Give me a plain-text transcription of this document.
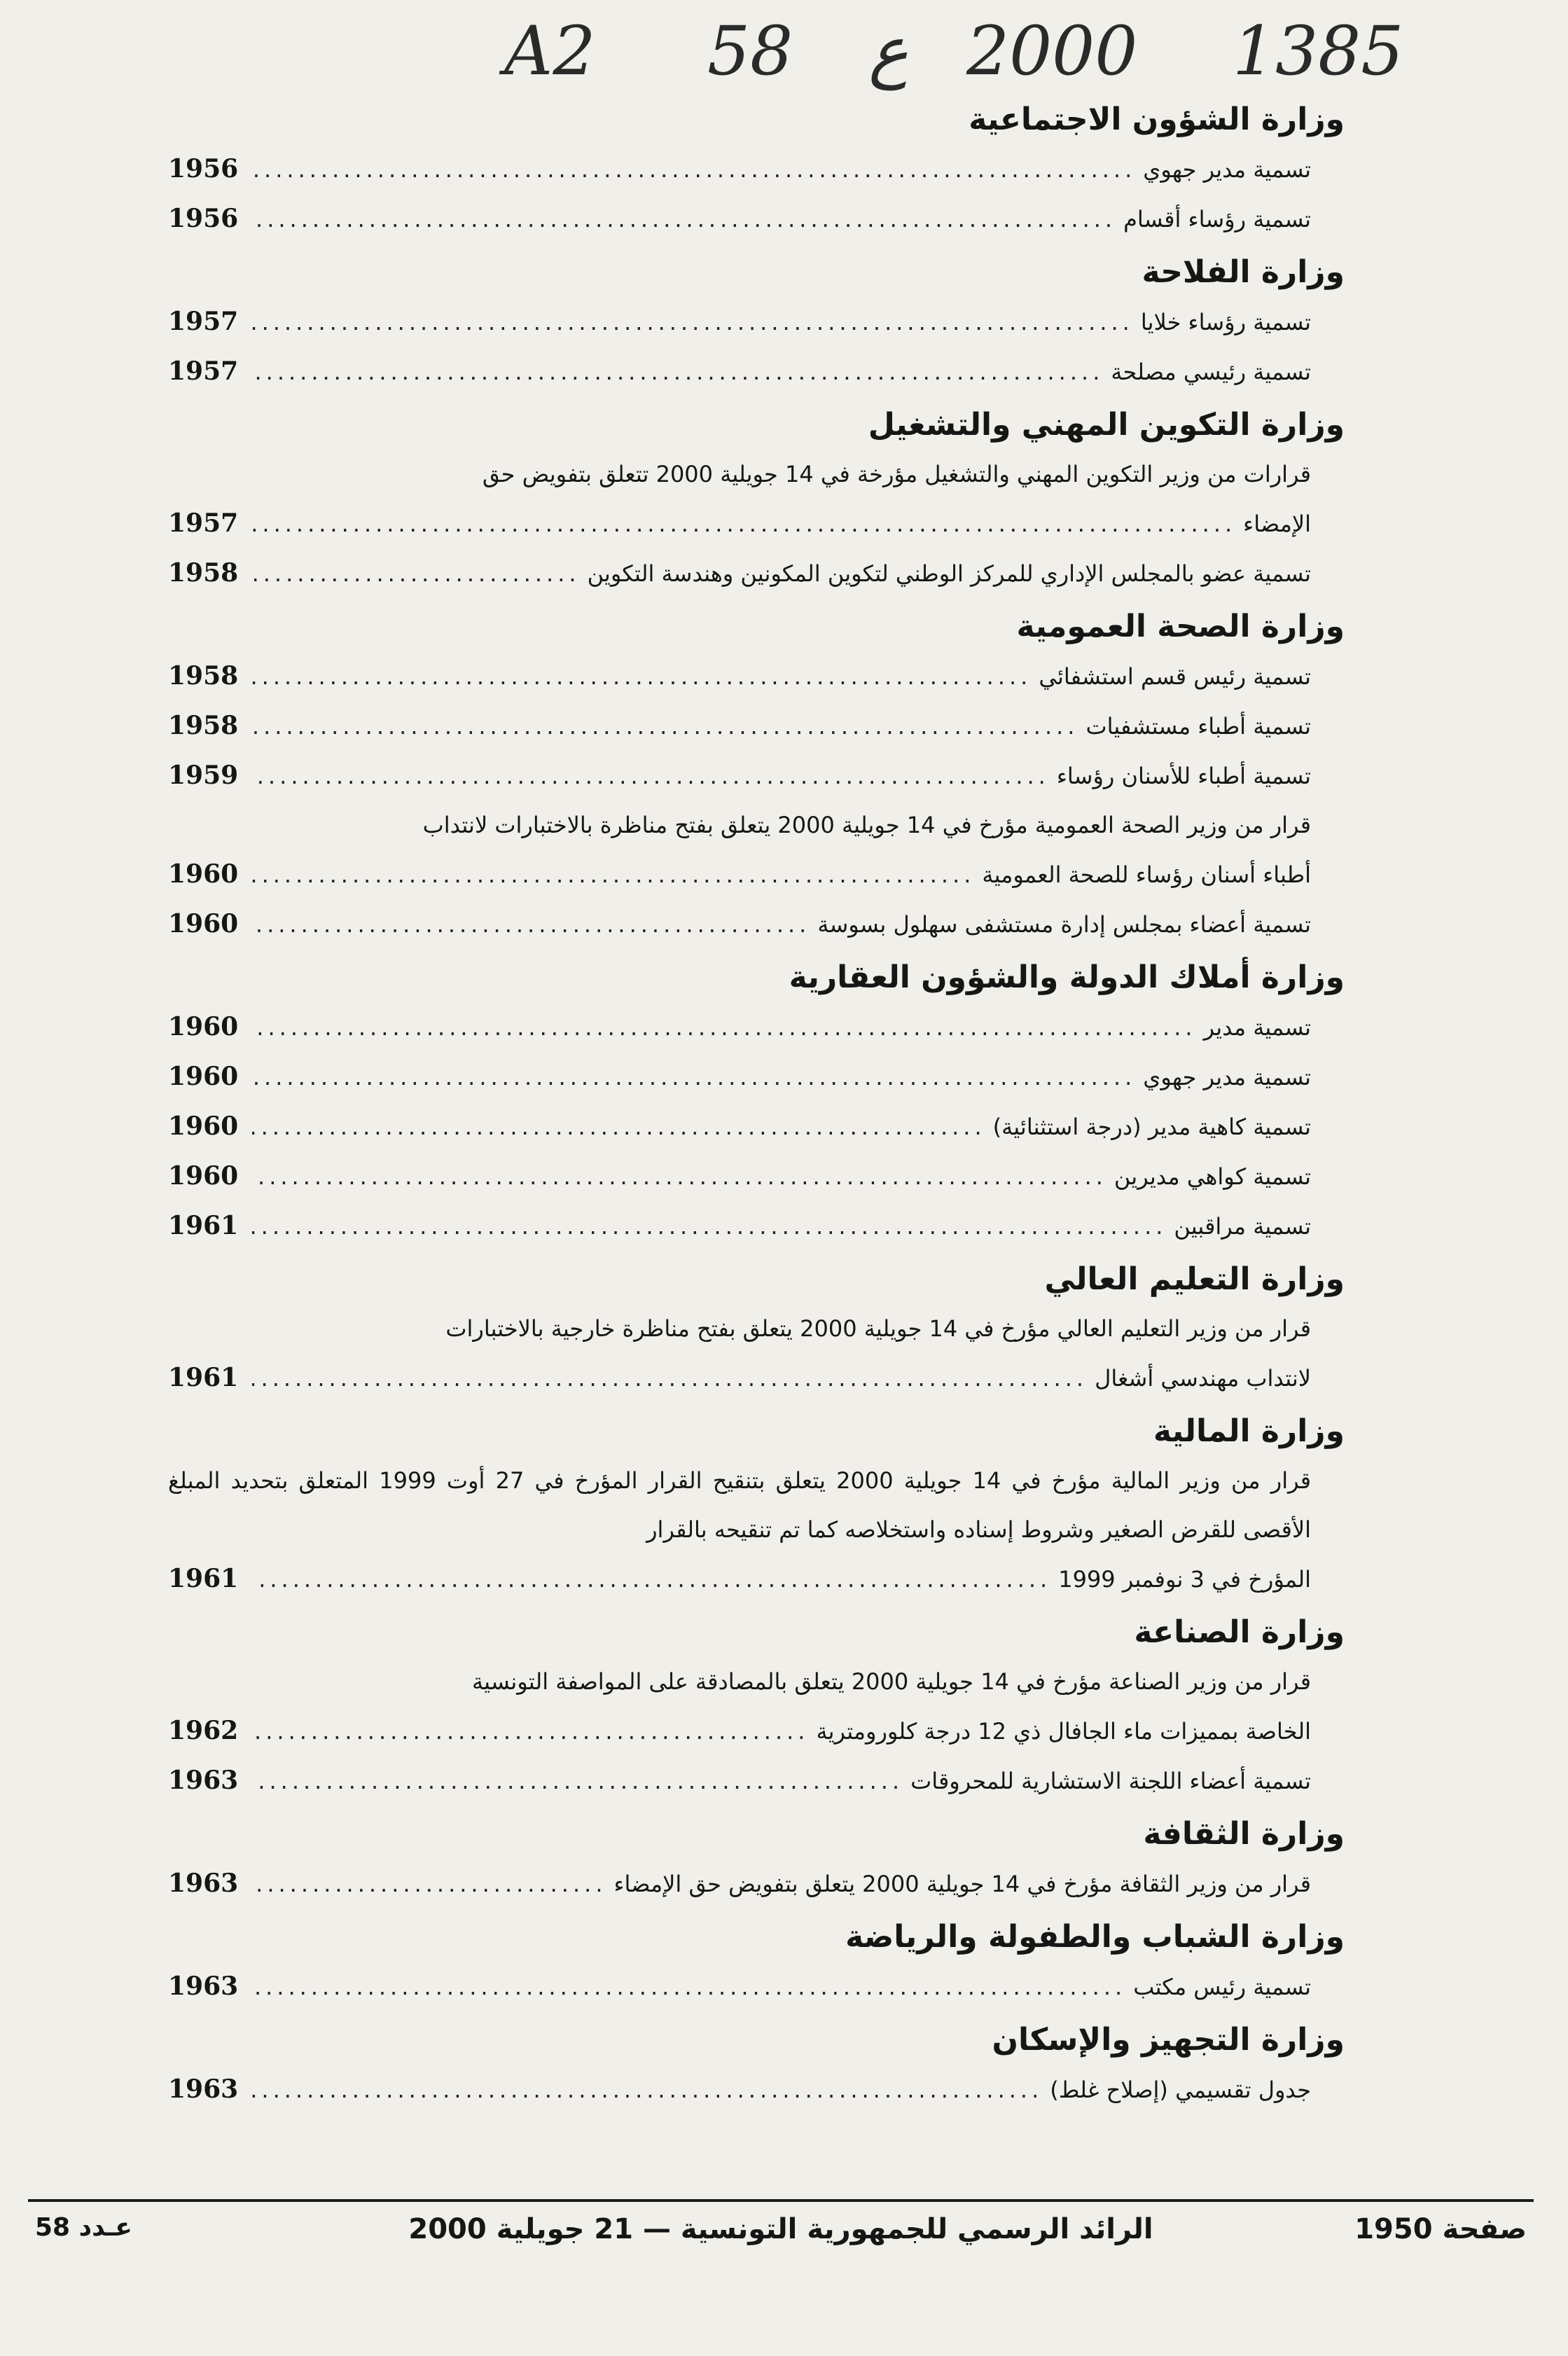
A2 58 ع 2000 1385
وزارة الشؤون الاجتماعية
تسمية مدير جهوي
.....
1956
تسمية رؤساء أقسام
.....
1956
وزارة الفلاحة
تسمية رؤساء خلايا
.....
1957
تسمية رئيسي مصلحة
.....
1957
وزارة التكوين المهني والتشغيل
قرارات من وزير التكوين المهني والتشغيل مؤرخة في 14 جويلية 2000 تتعلق بتفويض حق
الإمضاء
.....
1957
تسمية عضو بالمجلس الإداري للمركز الوطني لتكوين المكونين وهندسة التكوين
.....
1958
وزارة الصحة العمومية
تسمية رئيس قسم استشفائي
.....
1958
تسمية أطباء مستشفيات
.....
1958
تسمية أطباء للأسنان رؤساء
.....
1959
قرار من وزير الصحة العمومية مؤرخ في 14 جويلية 2000 يتعلق بفتح مناظرة بالاختبارات لانتداب
أطباء أسنان رؤساء للصحة العمومية
.....
1960
تسمية أعضاء بمجلس إدارة مستشفى سهلول بسوسة
.....
1960
وزارة أملاك الدولة والشؤون العقارية
تسمية مدير
.....
1960
تسمية مدير جهوي
.....
1960
تسمية كاهية مدير (درجة استثنائية)
.....
1960
تسمية كواهي مديرين
.....
1960
تسمية مراقبين
.....
1961
وزارة التعليم العالي
قرار من وزير التعليم العالي مؤرخ في 14 جويلية 2000 يتعلق بفتح مناظرة خارجية بالاختبارات
لانتداب مهندسي أشغال
.....
1961
وزارة المالية
قرار من وزير المالية مؤرخ في 14 جويلية 2000 يتعلق بتنقيح القرار المؤرخ في 27 أوت 1999 المتعلق بتحديد المبلغ الأقصى للقرض الصغير وشروط إسناده واستخلاصه كما تم تنقيحه بالقرار
المؤرخ في 3 نوفمبر 1999
.....
1961
وزارة الصناعة
قرار من وزير الصناعة مؤرخ في 14 جويلية 2000 يتعلق بالمصادقة على المواصفة التونسية
الخاصة بمميزات ماء الجافال ذي 12 درجة كلورومترية
.....
1962
تسمية أعضاء اللجنة الاستشارية للمحروقات
.....
1963
وزارة الثقافة
قرار من وزير الثقافة مؤرخ في 14 جويلية 2000 يتعلق بتفويض حق الإمضاء
.....
1963
وزارة الشباب والطفولة والرياضة
تسمية رئيس مكتب
.....
1963
وزارة التجهيز والإسكان
جدول تقسيمي (إصلاح غلط)
.....
1963
صفحة 1950
الرائد الرسمي للجمهورية التونسية — 21 جويلية 2000
عـدد 58
